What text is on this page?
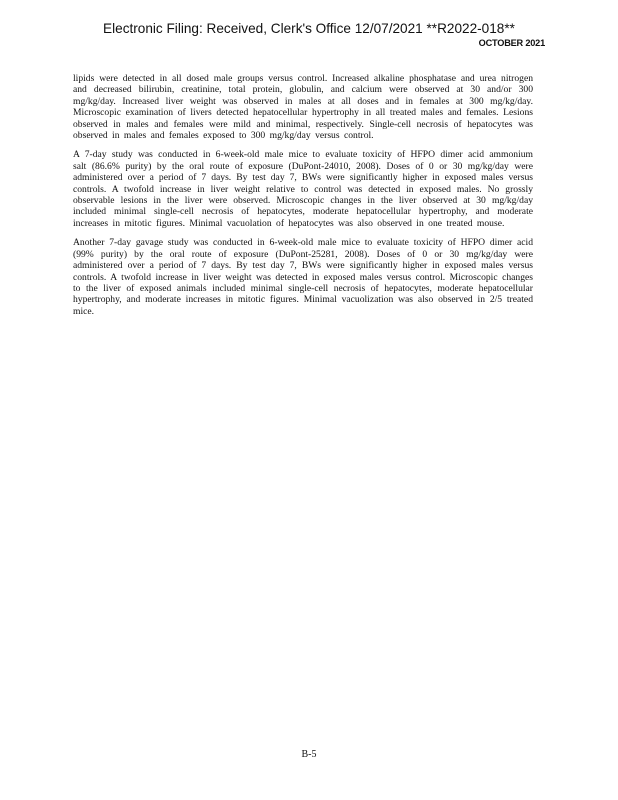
Electronic Filing: Received, Clerk's Office 12/07/2021 **R2022-018**
OCTOBER 2021

lipids were detected in all dosed male groups versus control. Increased alkaline phosphatase and urea nitrogen and decreased bilirubin, creatinine, total protein, globulin, and calcium were observed at 30 and/or 300 mg/kg/day. Increased liver weight was observed in males at all doses and in females at 300 mg/kg/day. Microscopic examination of livers detected hepatocellular hypertrophy in all treated males and females. Lesions observed in males and females were mild and minimal, respectively. Single-cell necrosis of hepatocytes was observed in males and females exposed to 300 mg/kg/day versus control.

A 7-day study was conducted in 6-week-old male mice to evaluate toxicity of HFPO dimer acid ammonium salt (86.6% purity) by the oral route of exposure (DuPont-24010, 2008). Doses of 0 or 30 mg/kg/day were administered over a period of 7 days. By test day 7, BWs were significantly higher in exposed males versus controls. A twofold increase in liver weight relative to control was detected in exposed males. No grossly observable lesions in the liver were observed. Microscopic changes in the liver observed at 30 mg/kg/day included minimal single-cell necrosis of hepatocytes, moderate hepatocellular hypertrophy, and moderate increases in mitotic figures. Minimal vacuolation of hepatocytes was also observed in one treated mouse.

Another 7-day gavage study was conducted in 6-week-old male mice to evaluate toxicity of HFPO dimer acid (99% purity) by the oral route of exposure (DuPont-25281, 2008). Doses of 0 or 30 mg/kg/day were administered over a period of 7 days. By test day 7, BWs were significantly higher in exposed males versus controls. A twofold increase in liver weight was detected in exposed males versus control. Microscopic changes to the liver of exposed animals included minimal single-cell necrosis of hepatocytes, moderate hepatocellular hypertrophy, and moderate increases in mitotic figures. Minimal vacuolization was also observed in 2/5 treated mice.

B-5
